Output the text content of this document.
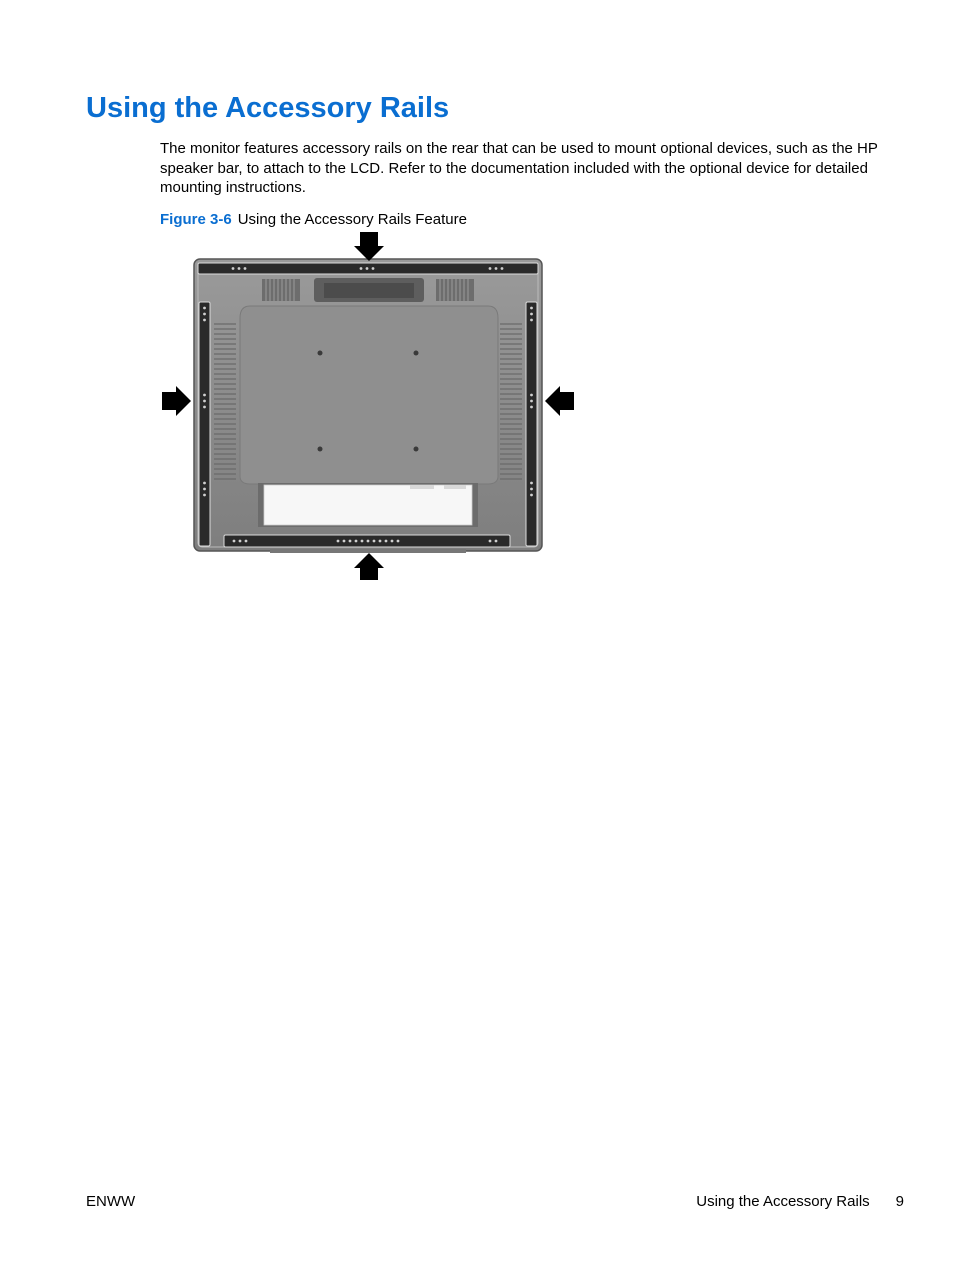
Using the Accessory Rails

The monitor features accessory rails on the rear that can be used to mount optional devices, such as the HP speaker bar, to attach to the LCD. Refer to the documentation included with the optional device for detailed mounting instructions.

Figure 3-6 Using the Accessory Rails Feature

ENWW	Using the Accessory Rails 9
